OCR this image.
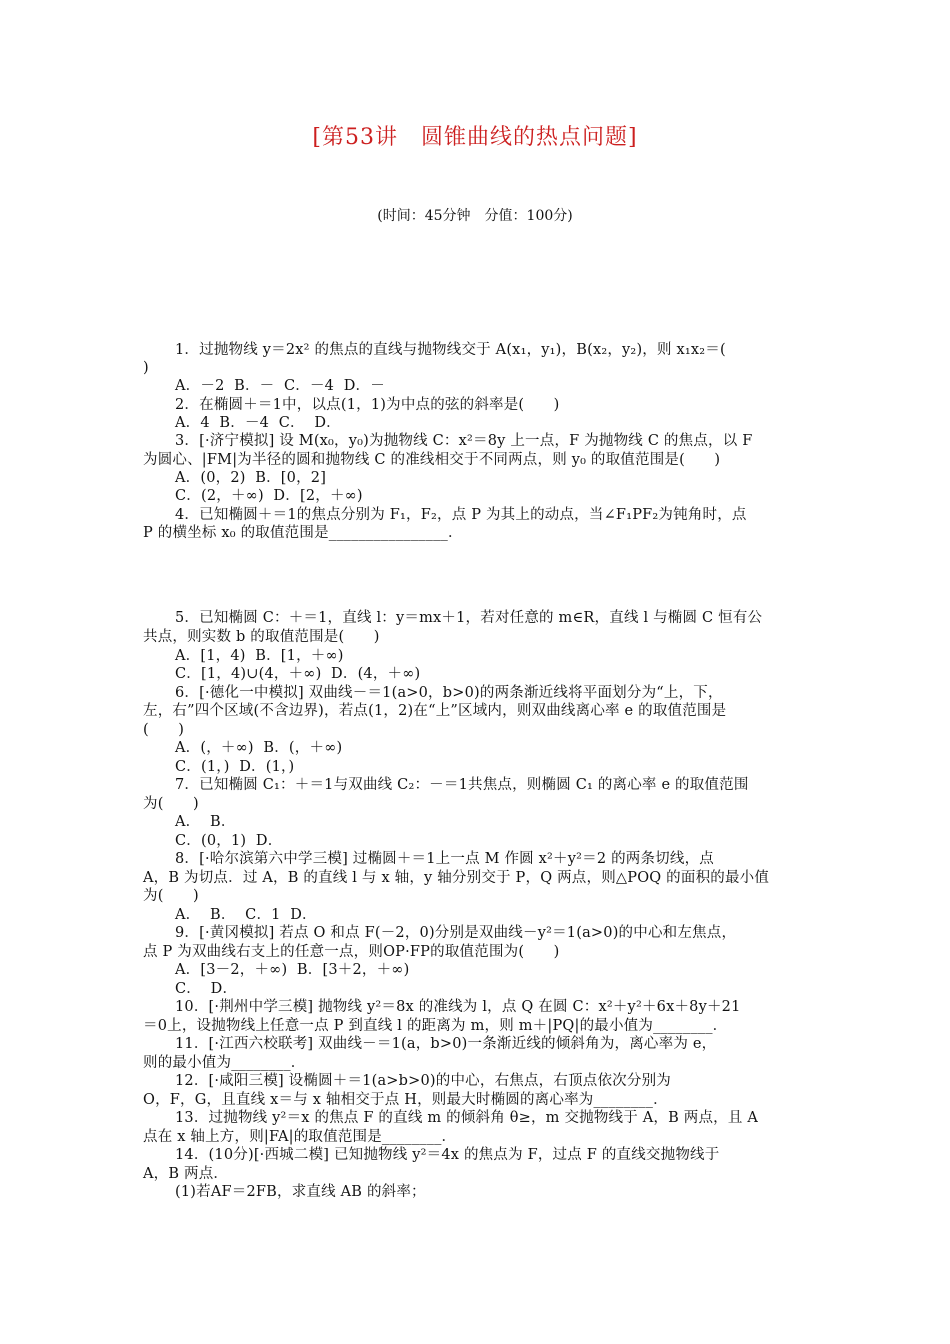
[第53讲　圆锥曲线的热点问题]
(时间：45分钟　分值：100分)
1．过抛物线 y＝2x² 的焦点的直线与抛物线交于 A(x₁，y₁)，B(x₂，y₂)，则 x₁x₂＝(
)
A．－2  B．－  C．－4  D．－
2．在椭圆＋＝1中，以点(1，1)为中点的弦的斜率是(　　)
A．4  B．－4  C．  D．
3．[·济宁模拟] 设 M(x₀，y₀)为抛物线 C：x²＝8y 上一点，F 为抛物线 C 的焦点，以 F
为圆心、|FM|为半径的圆和抛物线 C 的准线相交于不同两点，则 y₀ 的取值范围是(　　)
A．(0，2)  B．[0，2]
C．(2，＋∞)  D．[2，＋∞)
4．已知椭圆＋＝1的焦点分别为 F₁，F₂，点 P 为其上的动点，当∠F₁PF₂为钝角时，点
P 的横坐标 x₀ 的取值范围是________________．
5．已知椭圆 C：＋＝1，直线 l：y＝mx＋1，若对任意的 m∈R，直线 l 与椭圆 C 恒有公
共点，则实数 b 的取值范围是(　　)
A．[1，4)  B．[1，＋∞)
C．[1，4)∪(4，＋∞)  D．(4，＋∞)
6．[·德化一中模拟] 双曲线－＝1(a>0，b>0)的两条渐近线将平面划分为“上，下，
左，右”四个区域(不含边界)，若点(1，2)在“上”区域内，则双曲线离心率 e 的取值范围是
(　　)
A．(，＋∞)  B．(，＋∞)
C．(1，)  D．(1，)
7．已知椭圆 C₁：＋＝1与双曲线 C₂：－＝1共焦点，则椭圆 C₁ 的离心率 e 的取值范围
为(　　)
A．  B．
C．(0，1)  D．
8．[·哈尔滨第六中学三模] 过椭圆＋＝1上一点 M 作圆 x²＋y²＝2 的两条切线，点
A，B 为切点．过 A，B 的直线 l 与 x 轴，y 轴分别交于 P，Q 两点，则△POQ 的面积的最小值
为(　　)
A．  B．  C．1  D．
9．[·黄冈模拟] 若点 O 和点 F(－2，0)分别是双曲线－y²＝1(a>0)的中心和左焦点，
点 P 为双曲线右支上的任意一点，则OP·FP的取值范围为(　　)
A．[3－2，＋∞)  B．[3＋2，＋∞)
C．  D．
10．[·荆州中学三模] 抛物线 y²＝8x 的准线为 l，点 Q 在圆 C：x²＋y²＋6x＋8y＋21
＝0上，设抛物线上任意一点 P 到直线 l 的距离为 m，则 m＋|PQ|的最小值为________．
11．[·江西六校联考] 双曲线－＝1(a，b>0)一条渐近线的倾斜角为，离心率为 e，
则的最小值为________．
12．[·咸阳三模] 设椭圆＋＝1(a>b>0)的中心，右焦点，右顶点依次分别为
O，F，G，且直线 x＝与 x 轴相交于点 H，则最大时椭圆的离心率为________．
13．过抛物线 y²＝x 的焦点 F 的直线 m 的倾斜角 θ≥，m 交抛物线于 A，B 两点，且 A
点在 x 轴上方，则|FA|的取值范围是________．
14．(10分)[·西城二模] 已知抛物线 y²＝4x 的焦点为 F，过点 F 的直线交抛物线于
A，B 两点．
(1)若AF＝2FB，求直线 AB 的斜率；
